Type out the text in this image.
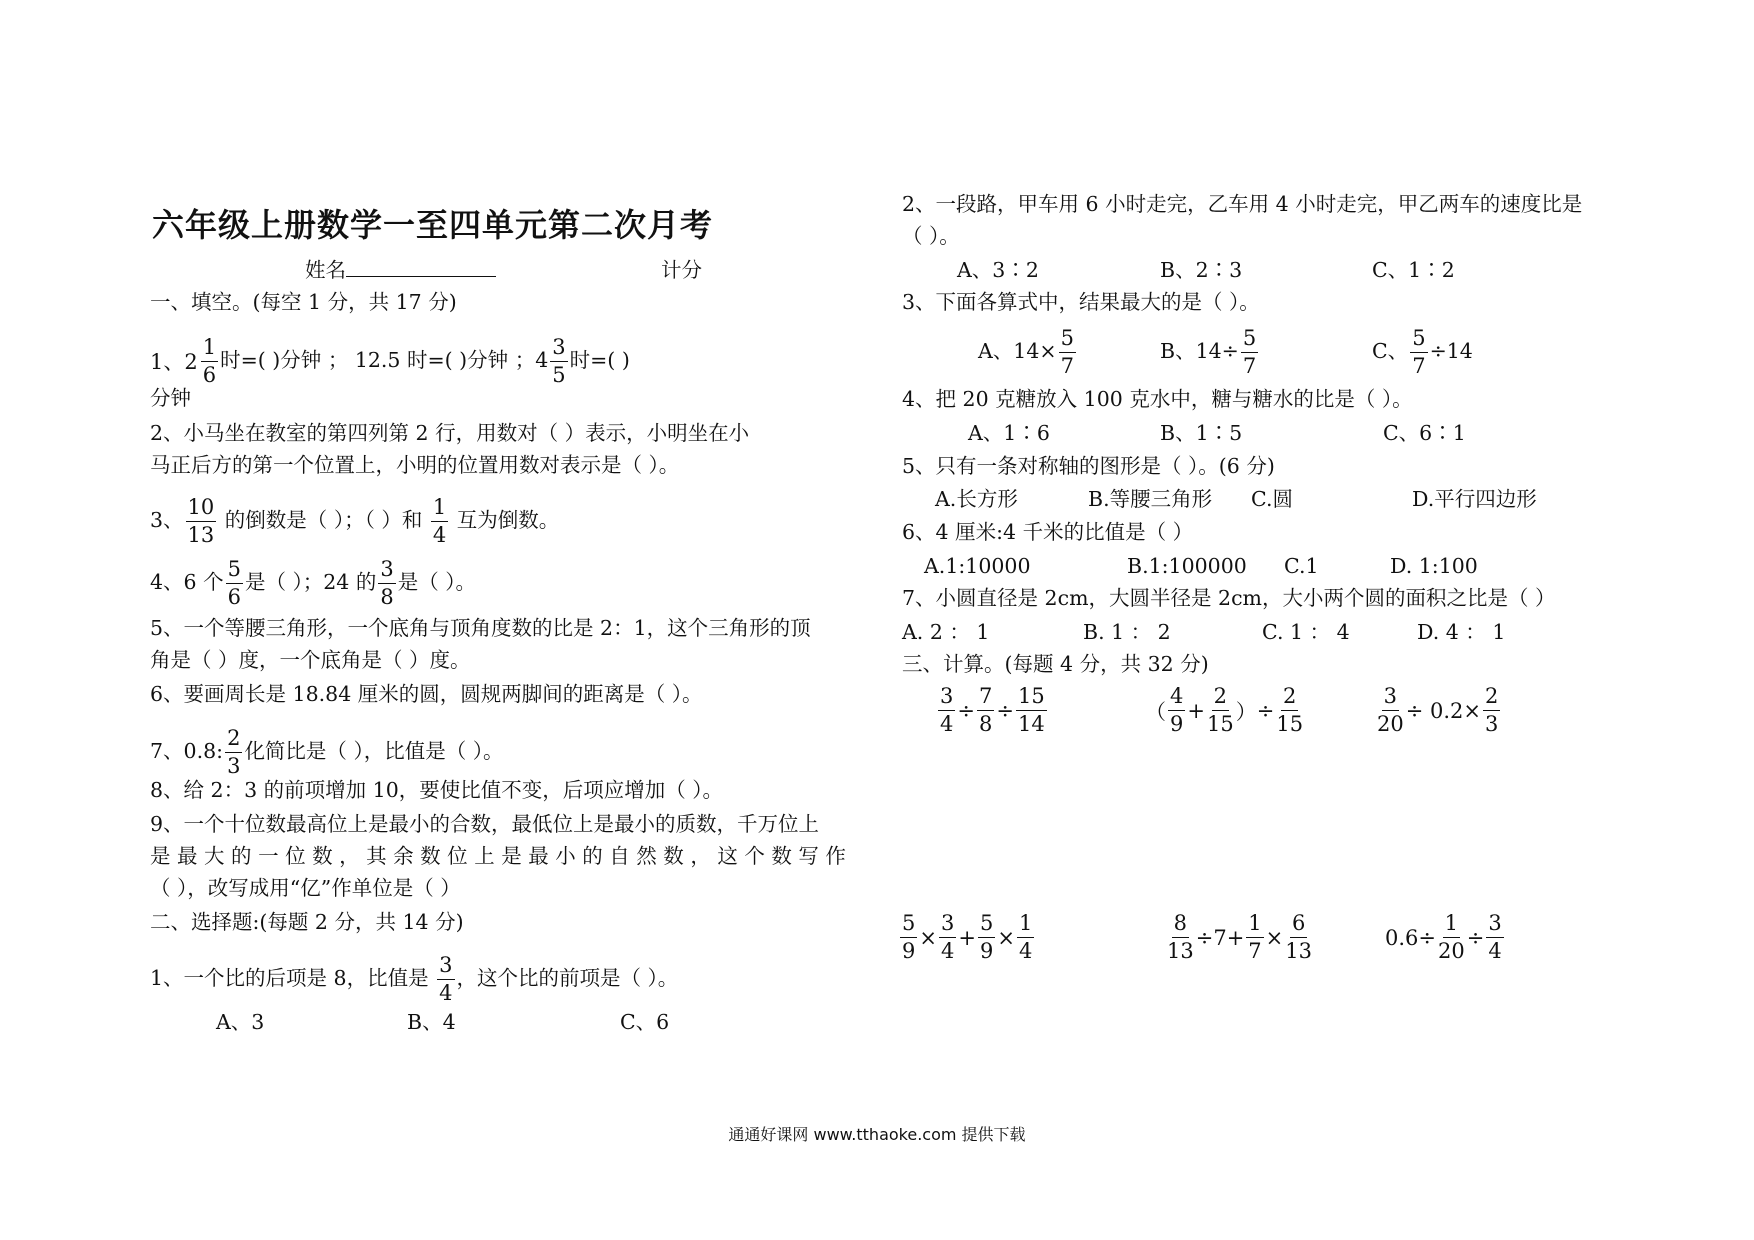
六年级上册数学一至四单元第二次月考
姓名	计分
一、填空。(每空 1 分，共 17 分)
1、2
1
6
时=( )分钟 ； 12.5 时=( )分钟 ；$4 \frac{3}{5}$ 时=( )
分钟
2、小马坐在教室的第四列第 2 行，用数对（ ）表示，小明坐在小
马正后方的第一个位置上，小明的位置用数对表示是（ ）。
3、 $\frac{10}{13}$ 的倒数是（ ）；（ ）和 $\frac{1}{4}$ 互为倒数。
4、6 个 $\frac{5}{6}$ 是（ ）；24 的 $\frac{3}{8}$ 是（ ）。
5、一个等腰三角形，一个底角与顶角度数的比是 2：1，这个三角形的顶
角是（ ）度，一个底角是（ ）度。
6、要画周长是 18.84 厘米的圆，圆规两脚间的距离是（ ）。
7、0.8: $\frac{2}{3}$ 化简比是（ ），比值是（ ）。
8、给 2：3 的前项增加 10，要使比值不变，后项应增加（ ）。
9、一个十位数最高位上是最小的合数，最低位上是最小的质数，千万位上
是 最 大 的 一 位 数 ， 其 余 数 位 上 是 最 小 的 自 然 数 ， 这 个 数 写 作
（ ），改写成用“亿”作单位是（ ）
二、选择题:(每题 2 分，共 14 分)
1、一个比的后项是 8，比值是 $\frac{3}{4}$ ，这个比的前项是（ ）。
A、3	B、4	C、6
2、一段路，甲车用 6 小时走完，乙车用 4 小时走完，甲乙两车的速度比是
（ ）。
A、3∶2	B、2∶3	C、1∶2
3、下面各算式中，结果最大的是（ ）。
A、$14\times \frac{5}{7}$	B、$14\div \frac{5}{7}$	C、 $\frac{5}{7} \div 14$
4、把 20 克糖放入 100 克水中，糖与糖水的比是（ ）。
A、1∶6	B、1∶5	C、6∶1
5、只有一条对称轴的图形是（ ）。(6 分)
A.长方形	B.等腰三角形 C.圆	D.平行四边形
6、4 厘米:4 千米的比值是（ ）
A.1:10000	B.1:100000 C.1	D. 1:100
7、小圆直径是 2cm，大圆半径是 2cm，大小两个圆的面积之比是（ ）
A. 2 ： 1	B. 1 ： 2	C. 1 ： 4	D. 4 ： 1
三、计算。(每题 4 分，共 32 分)
$\frac{3}{4} \div \frac{7}{8} \div \frac{15}{14}$	（ $\frac{4}{9} + \frac{2}{15}$ ）÷ $\frac{2}{15}$	$\frac{3}{20} \div 0.2\times \frac{2}{3}$
$\frac{5}{9} \times \frac{3}{4} + \frac{5}{9} \times \frac{1}{4}$	$\frac{8}{13} \div 7+ \frac{1}{7} \times \frac{6}{13}$	$0.6\div \frac{1}{20} \div \frac{3}{4}$
通通好课网 www.tthaoke.com 提供下载
